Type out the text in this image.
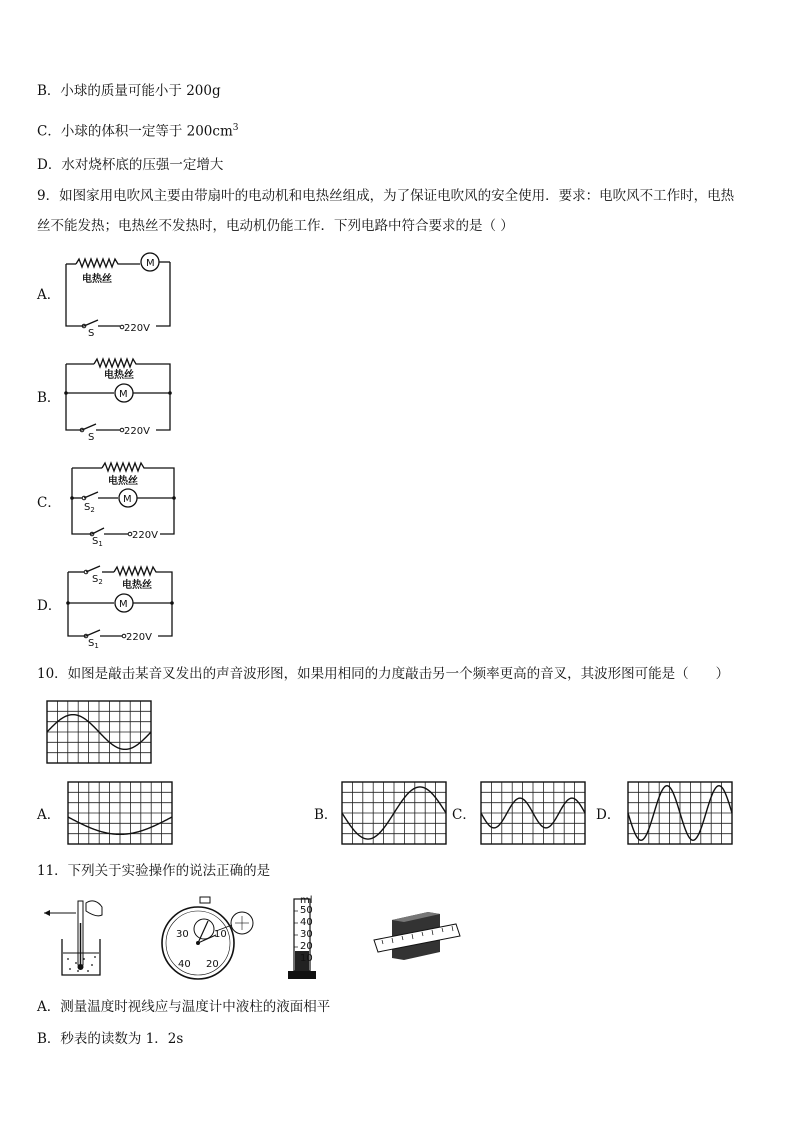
B．小球的质量可能小于 200g
C．小球的体积一定等于 $200cm^3$
D．水对烧杯底的压强一定增大
9．如图家用电吹风主要由带扇叶的电动机和电热丝组成，为了保证电吹风的安全使用．要求：电吹风不工作时，电热
丝不能发热；电热丝不发热时，电动机仍能工作．下列电路中符合要求的是（ ）
A．
B．
C．
D．
M
电热丝
S	220V
电热丝
M
S
220V
电热丝
M
$S_2$
$S_1$
220V
$S_2$ 电热丝
M
$S_1$
220V
10．如图是敲击某音叉发出的声音波形图，如果用相同的力度敲击另一个频率更高的音叉，其波形图可能是（　　）
A．	B．	C．	D．
11．下列关于实验操作的说法正确的是
30	10
40 20
ml
50
40
30
20
10
A．测量温度时视线应与温度计中液柱的液面相平
B．秒表的读数为 1．2s
